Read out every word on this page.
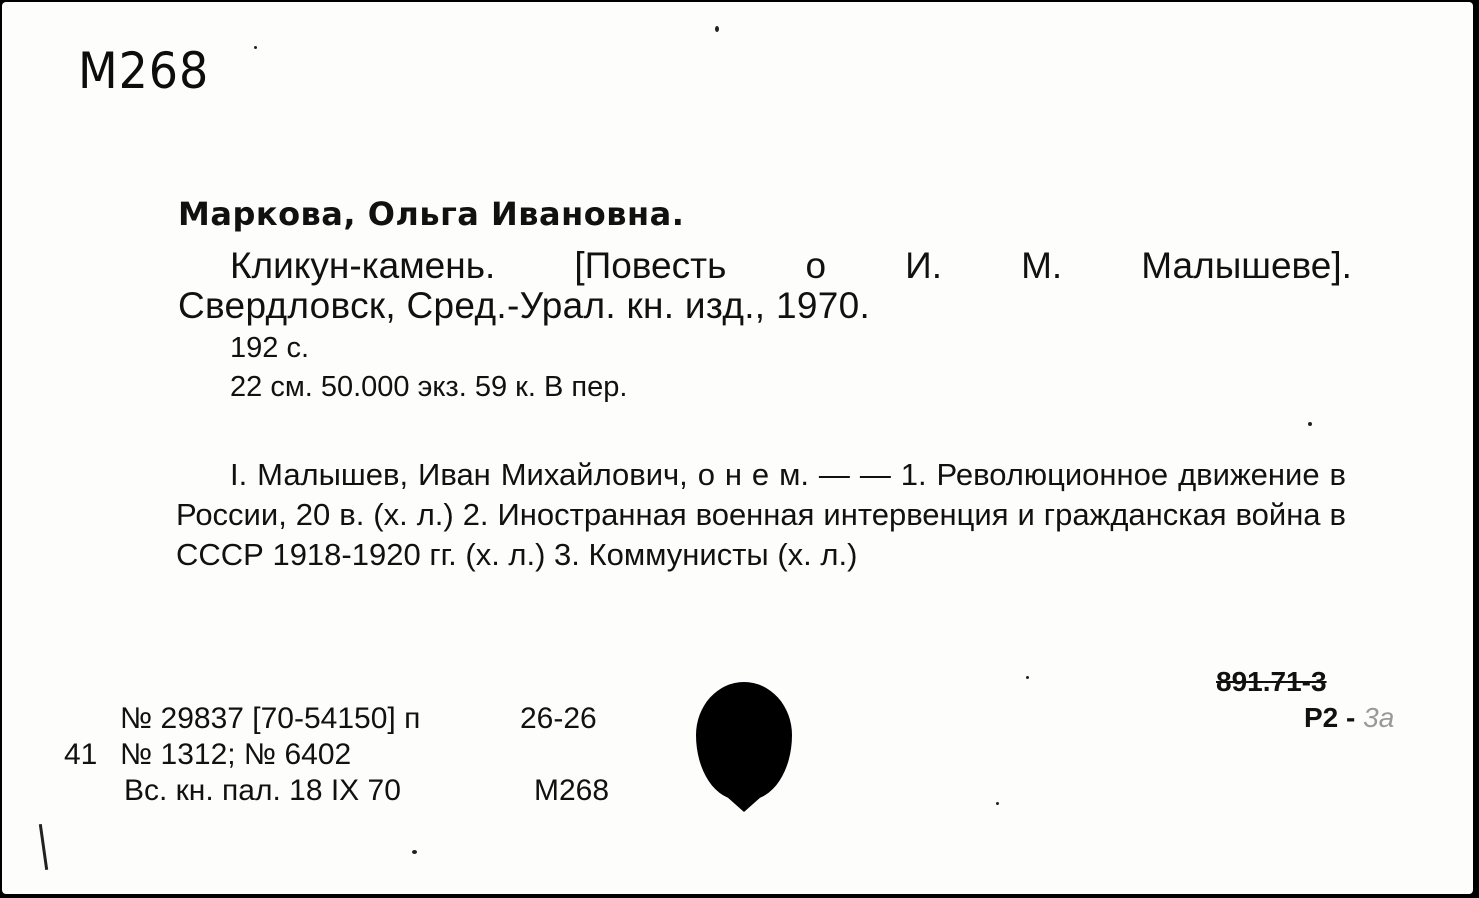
М268
Маркова, Ольга Ивановна.
Кликун-камень. [Повесть о И. М. Малышеве].
Свердловск, Сред.-Урал. кн. изд., 1970.
192 с.
22 см. 50.000 экз. 59 к. В пер.
I. Малышев, Иван Михайлович, о н е м. — — 1. Революционное движение в России, 20 в. (х. л.) 2. Иностранная военная интервенция и гражданская война в СССР 1918-1920 гг. (х. л.) 3. Коммунисты (х. л.)
№ 29837 [70-54150] п	26-26
41 № 1312; № 6402
Вс. кн. пал. 18 IX 70	М268
891.71-3
Р2 - 3а
